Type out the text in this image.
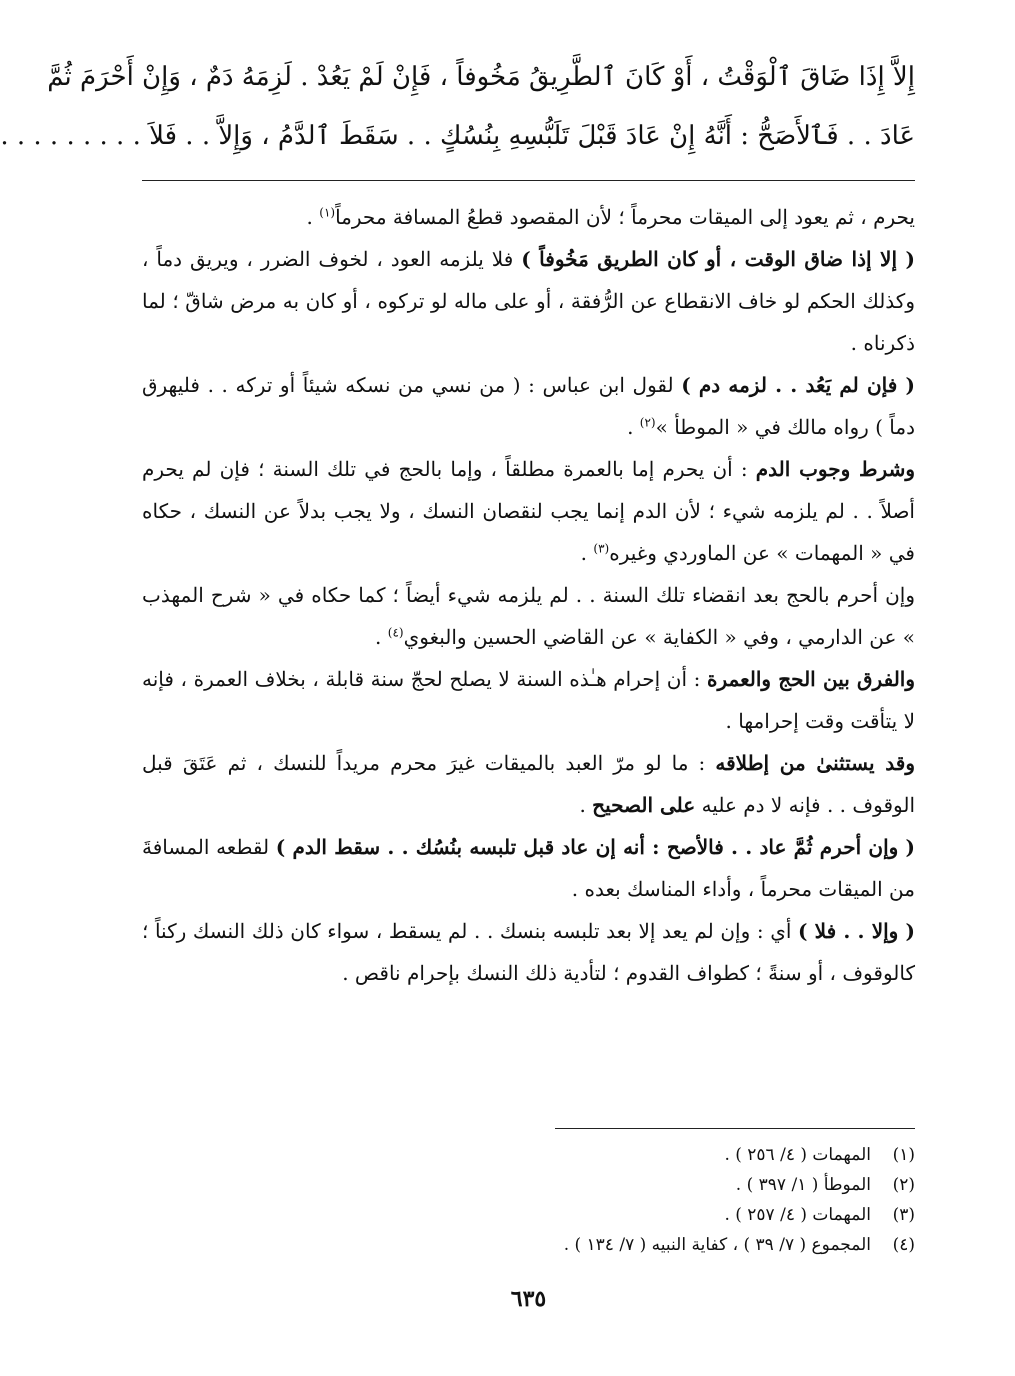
إِلاَّ إِذَا ضَاقَ ٱلْوَقْتُ ، أَوْ كَانَ ٱلطَّرِيقُ مَخُوفاً ، فَإِنْ لَمْ يَعُدْ . لَزِمَهُ دَمٌ ، وَإِنْ أَحْرَمَ ثُمَّ
عَادَ . . فَٱلأَصَحُّ : أَنَّهُ إِنْ عَادَ قَبْلَ تَلَبُّسِهِ بِنُسُكٍ . . سَقَطَ ٱلدَّمُ ، وَإِلاَّ . . فَلاَ . . . . . . . . .

يحرم ، ثم يعود إلى الميقات محرماً ؛ لأن المقصود قطعُ المسافة محرماً$^{(١)}$ .

( إلا إذا ضاق الوقت ، أو كان الطريق مَخُوفاً ) فلا يلزمه العود ، لخوف الضرر ، ويريق دماً ، وكذلك الحكم لو خاف الانقطاع عن الرُّفقة ، أو على ماله لو تركوه ، أو كان به مرض شاقّ ؛ لما ذكرناه .

( فإن لم يَعُد . . لزمه دم ) لقول ابن عباس : ( من نسي من نسكه شيئاً أو تركه . . فليهرق دماً ) رواه مالك في « الموطأ »$^{(٢)}$ .

وشرط وجوب الدم : أن يحرم إما بالعمرة مطلقاً ، وإما بالحج في تلك السنة ؛ فإن لم يحرم أصلاً . . لم يلزمه شيء ؛ لأن الدم إنما يجب لنقصان النسك ، ولا يجب بدلاً عن النسك ، حكاه في « المهمات » عن الماوردي وغيره$^{(٣)}$ .

وإن أحرم بالحج بعد انقضاء تلك السنة . . لم يلزمه شيء أيضاً ؛ كما حكاه في « شرح المهذب » عن الدارمي ، وفي « الكفاية » عن القاضي الحسين والبغوي$^{(٤)}$ .

والفرق بين الحج والعمرة : أن إحرام هـٰذه السنة لا يصلح لحجّ سنة قابلة ، بخلاف العمرة ، فإنه لا يتأقت وقت إحرامها .

وقد يستثنىٰ من إطلاقه : ما لو مرّ العبد بالميقات غيرَ محرم مريداً للنسك ، ثم عَتَقَ قبل الوقوف . . فإنه لا دم عليه على الصحيح .

( وإن أحرم ثُمَّ عاد . . فالأصح : أنه إن عاد قبل تلبسه بنُسُك . . سقط الدم ) لقطعه المسافةَ من الميقات محرماً ، وأداء المناسك بعده .

( وإلا . . فلا ) أي : وإن لم يعد إلا بعد تلبسه بنسك . . لم يسقط ، سواء كان ذلك النسك ركناً ؛ كالوقوف ، أو سنةً ؛ كطواف القدوم ؛ لتأدية ذلك النسك بإحرام ناقص .

(١)المهمات ( ٤/ ٢٥٦ ) .
(٢)الموطأ ( ١/ ٣٩٧ ) .
(٣)المهمات ( ٤/ ٢٥٧ ) .
(٤)المجموع ( ٧/ ٣٩ ) ، كفاية النبيه ( ٧/ ١٣٤ ) .
٦٣٥
